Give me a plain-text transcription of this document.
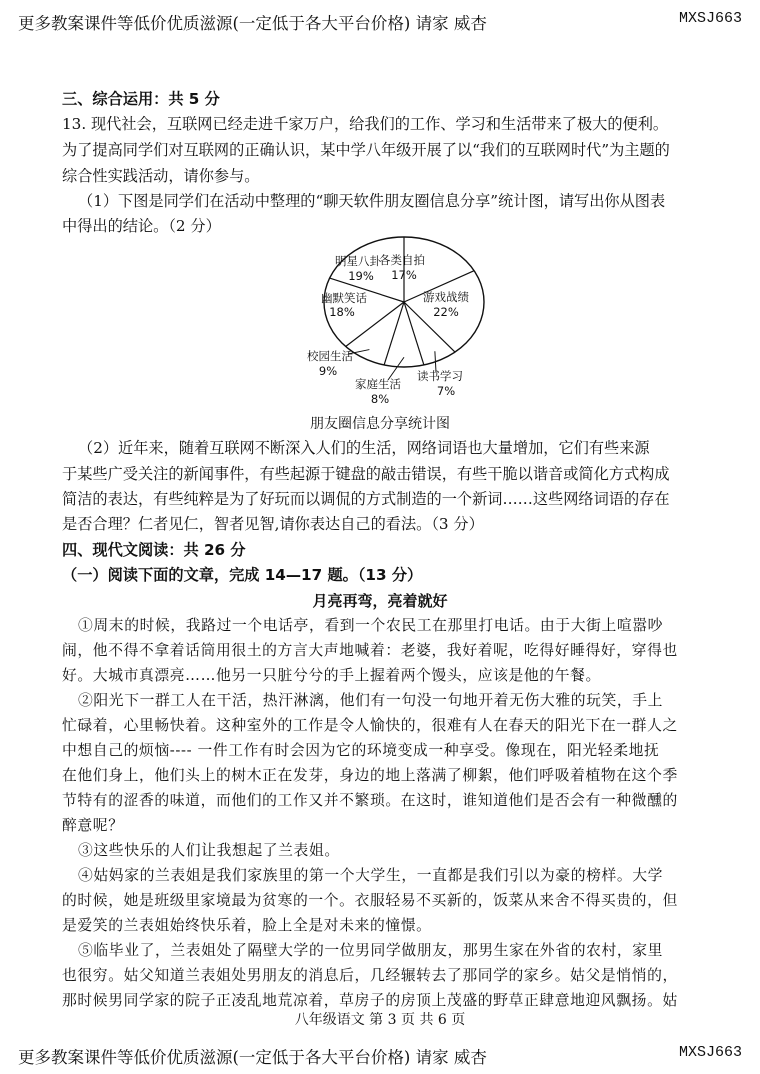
更多教案课件等低价优质滋源(一定低于各大平台价格) 请家 威杏	MXSJ663
三、综合运用：共 5 分
13. 现代社会，互联网已经走进千家万户，给我们的工作、学习和生活带来了极大的便利。
为了提高同学们对互联网的正确认识，某中学八年级开展了以“我们的互联网时代”为主题的
综合性实践活动，请你参与。
（1）下图是同学们在活动中整理的“聊天软件朋友圈信息分享”统计图，请写出你从图表
中得出的结论。（2 分）
各类自拍
17%
游戏战绩
22%
读书学习
7%
家庭生活
8%
校园生活
9%
幽默笑话
18%
明星八卦
19%
朋友圈信息分享统计图
（2）近年来，随着互联网不断深入人们的生活，网络词语也大量增加，它们有些来源
于某些广受关注的新闻事件，有些起源于键盘的敲击错误，有些干脆以谐音或简化方式构成
简洁的表达，有些纯粹是为了好玩而以调侃的方式制造的一个新词……这些网络词语的存在
是否合理？仁者见仁，智者见智,请你表达自己的看法。（3 分）
四、现代文阅读：共 26 分
（一）阅读下面的文章，完成 14—17 题。（13 分）
月亮再弯，亮着就好
①周末的时候，我路过一个电话亭，看到一个农民工在那里打电话。由于大街上喧嚣吵
闹，他不得不拿着话筒用很土的方言大声地喊着：老婆，我好着呢，吃得好睡得好，穿得也
好。大城市真漂亮……他另一只脏兮兮的手上握着两个馒头，应该是他的午餐。
②阳光下一群工人在干活，热汗淋漓，他们有一句没一句地开着无伤大雅的玩笑，手上
忙碌着，心里畅快着。这种室外的工作是令人愉快的，很难有人在春天的阳光下在一群人之
中想自己的烦恼---- 一件工作有时会因为它的环境变成一种享受。像现在，阳光轻柔地抚
在他们身上，他们头上的树木正在发芽，身边的地上落满了柳絮，他们呼吸着植物在这个季
节特有的涩香的味道，而他们的工作又并不繁琐。在这时，谁知道他们是否会有一种微醺的
醉意呢？
③这些快乐的人们让我想起了兰表姐。
④姑妈家的兰表姐是我们家族里的第一个大学生，一直都是我们引以为豪的榜样。大学
的时候，她是班级里家境最为贫寒的一个。衣服轻易不买新的，饭菜从来舍不得买贵的，但
是爱笑的兰表姐始终快乐着，脸上全是对未来的憧憬。
⑤临毕业了，兰表姐处了隔壁大学的一位男同学做朋友，那男生家在外省的农村，家里
也很穷。姑父知道兰表姐处男朋友的消息后，几经辗转去了那同学的家乡。姑父是悄悄的，
那时候男同学家的院子正凌乱地荒凉着，草房子的房顶上茂盛的野草正肆意地迎风飘扬。姑
八年级语文 第 3 页 共 6 页
更多教案课件等低价优质滋源(一定低于各大平台价格) 请家 威杏	MXSJ663
